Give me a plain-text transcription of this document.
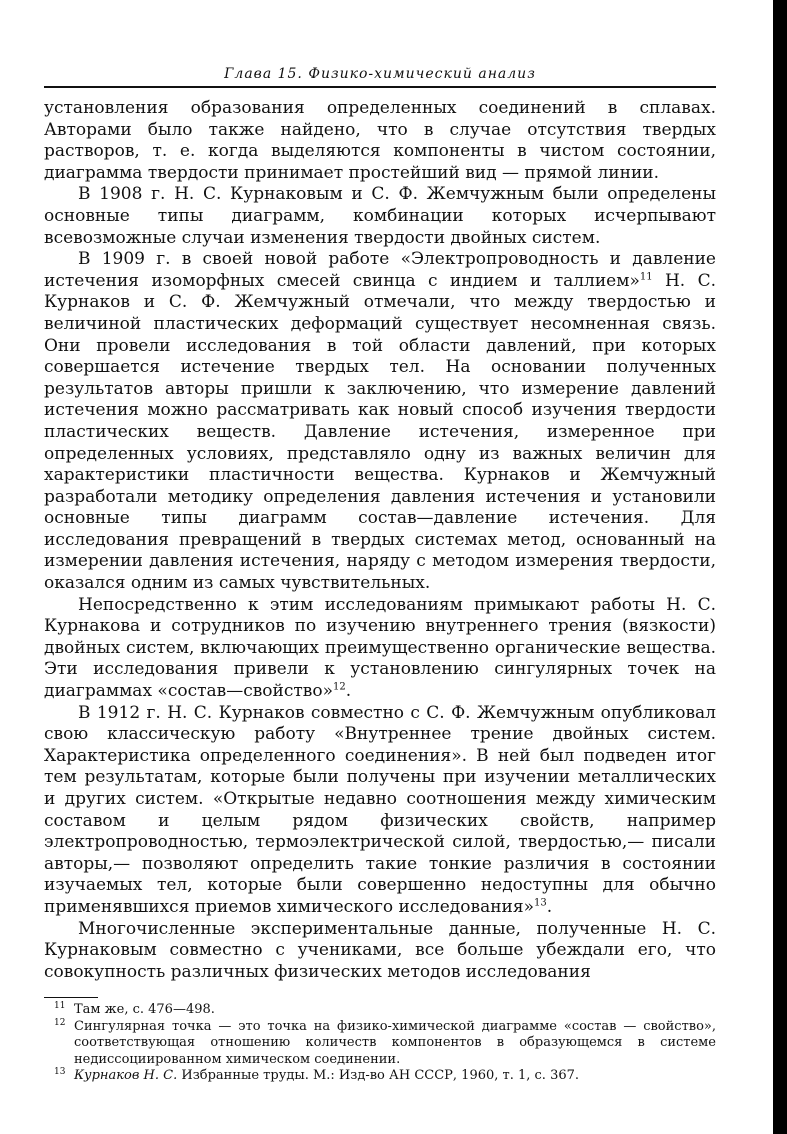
Глава 15. Физико-химический анализ

установления образования определенных соединений в сплавах. Авторами было также найдено, что в случае отсутствия твердых растворов, т. е. когда выделяются компоненты в чистом состоянии, диаграмма твердости принимает простейший вид — прямой линии.

В 1908 г. Н. С. Курнаковым и С. Ф. Жемчужным были определены основные типы диаграмм, комбинации которых исчерпывают всевозможные случаи изменения твердости двойных систем.

В 1909 г. в своей новой работе «Электропроводность и давление истечения изоморфных смесей свинца с индием и таллием»$^{11}$ Н. С. Курнаков и С. Ф. Жемчужный отмечали, что между твердостью и величиной пластических деформаций существует несомненная связь. Они провели исследования в той области давлений, при которых совершается истечение твердых тел. На основании полученных результатов авторы пришли к заключению, что измерение давлений истечения можно рассматривать как новый способ изучения твердости пластических веществ. Давление истечения, измеренное при определенных условиях, представляло одну из важных величин для характеристики пластичности вещества. Курнаков и Жемчужный разработали методику определения давления истечения и установили основные типы диаграмм состав—давление истечения. Для исследования превращений в твердых системах метод, основанный на измерении давления истечения, наряду с методом измерения твердости, оказался одним из самых чувствительных.

Непосредственно к этим исследованиям примыкают работы Н. С. Курнакова и сотрудников по изучению внутреннего трения (вязкости) двойных систем, включающих преимущественно органические вещества. Эти исследования привели к установлению сингулярных точек на диаграммах «состав—свойство»$^{12}$.

В 1912 г. Н. С. Курнаков совместно с С. Ф. Жемчужным опубликовал свою классическую работу «Внутреннее трение двойных систем. Характеристика определенного соединения». В ней был подведен итог тем результатам, которые были получены при изучении металлических и других систем. «Открытые недавно соотношения между химическим составом и целым рядом физических свойств, например электропроводностью, термоэлектрической силой, твердостью,— писали авторы,— позволяют определить такие тонкие различия в состоянии изучаемых тел, которые были совершенно недоступны для обычно применявшихся приемов химического исследования»$^{13}$.

Многочисленные экспериментальные данные, полученные Н. С. Курнаковым совместно с учениками, все больше убеждали его, что совокупность различных физических методов исследования

11 Там же, с. 476—498.
12 Сингулярная точка — это точка на физико-химической диаграмме «состав — свойство», соответствующая отношению количеств компонентов в образующемся в системе недиссоциированном химическом соединении.
13 Курнаков Н. С. Избранные труды. М.: Изд-во АН СССР, 1960, т. 1, с. 367.
